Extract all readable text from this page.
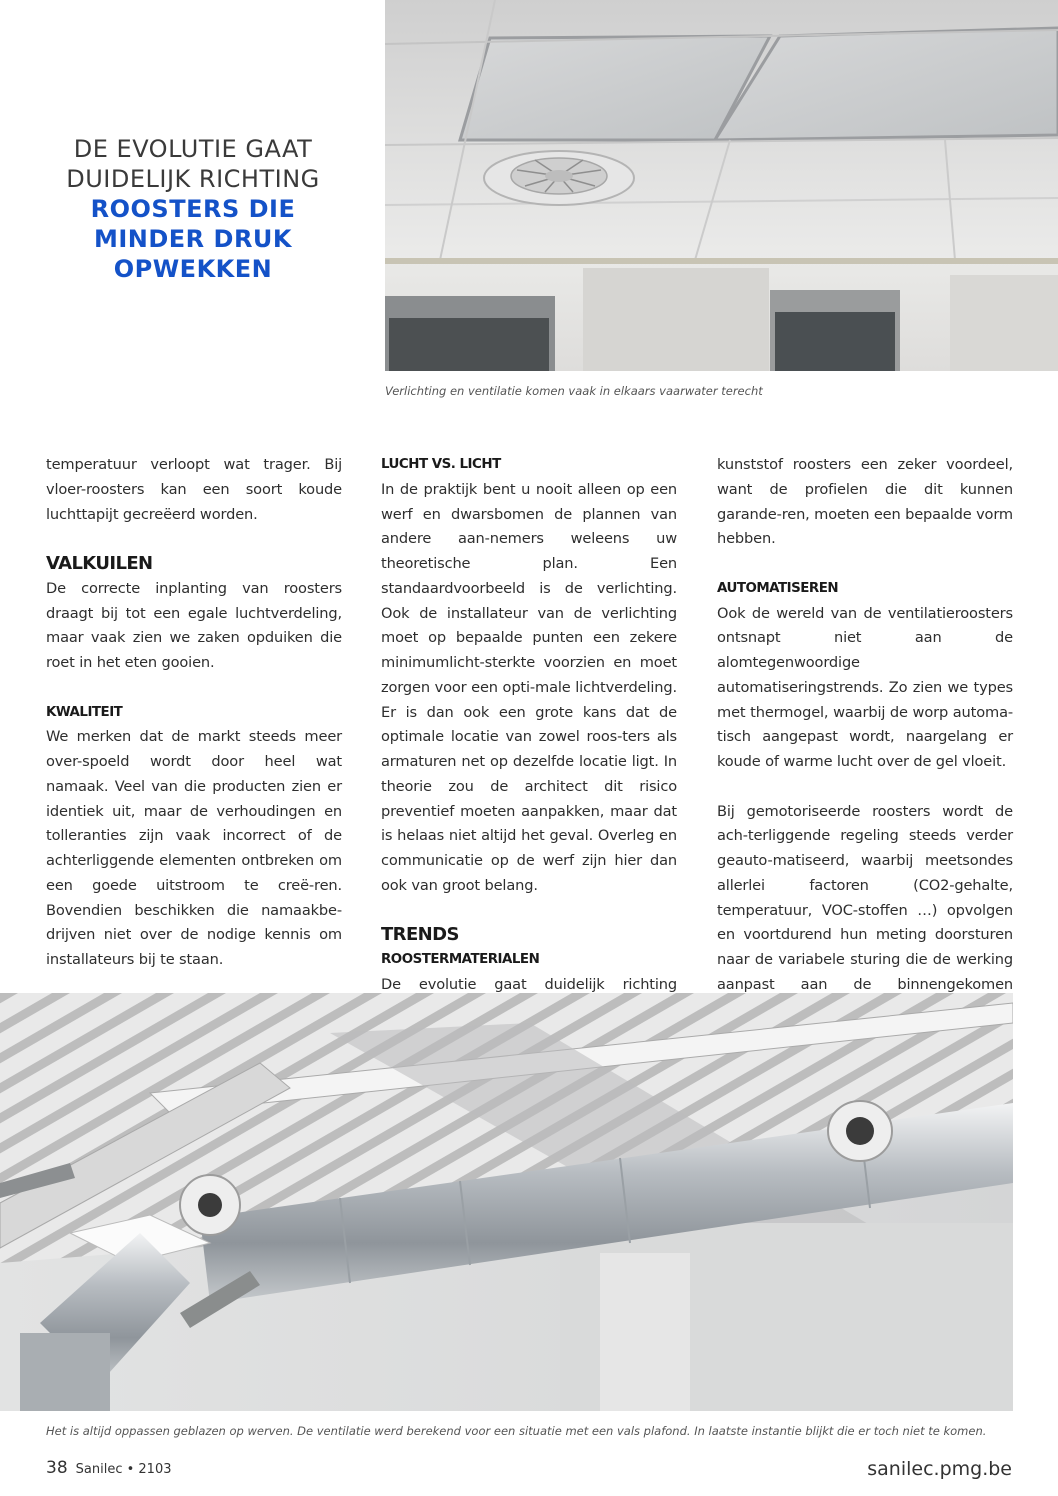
DE EVOLUTIE GAAT
DUIDELIJK RICHTING
ROOSTERS DIE
MINDER DRUK
OPWEKKEN
Verlichting en ventilatie komen vaak in elkaars vaarwater terecht

temperatuur verloopt wat trager. Bij vloer-roosters kan een soort koude luchttapijt gecreëerd worden.

VALKUILEN

De correcte inplanting van roosters draagt bij tot een egale luchtverdeling, maar vaak zien we zaken opduiken die roet in het eten gooien.

KWALITEIT

We merken dat de markt steeds meer over-spoeld wordt door heel wat namaak. Veel van die producten zien er identiek uit, maar de verhoudingen en tolleranties zijn vaak incorrect of de achterliggende elementen ontbreken om een goede uitstroom te creë-ren. Bovendien beschikken die namaakbe-drijven niet over de nodige kennis om installateurs bij te staan.

LUCHT VS. LICHT

In de praktijk bent u nooit alleen op een werf en dwarsbomen de plannen van andere aan-nemers weleens uw theoretische plan. Een standaardvoorbeeld is de verlichting. Ook de installateur van de verlichting moet op bepaalde punten een zekere minimumlicht-sterkte voorzien en moet zorgen voor een opti-male lichtverdeling. Er is dan ook een grote kans dat de optimale locatie van zowel roos-ters als armaturen net op dezelfde locatie ligt. In theorie zou de architect dit risico preventief moeten aanpakken, maar dat is helaas niet altijd het geval. Overleg en communicatie op de werf zijn hier dan ook van groot belang.

TRENDS
ROOSTERMATERIALEN

De evolutie gaat duidelijk richting

kunststof roosters een zeker voordeel, want de profielen die dit kunnen garande-ren, moeten een bepaalde vorm hebben.

AUTOMATISEREN

Ook de wereld van de ventilatieroosters ontsnapt niet aan de alomtegenwoordige automatiseringstrends. Zo zien we types met thermogel, waarbij de worp automa-tisch aangepast wordt, naargelang er koude of warme lucht over de gel vloeit.

Bij gemotoriseerde roosters wordt de ach-terliggende regeling steeds verder geauto-matiseerd, waarbij meetsondes allerlei factoren (CO2-gehalte, temperatuur, VOC-stoffen …) opvolgen en voortdurend hun meting doorsturen naar de variabele sturing die de werking aanpast aan de binnengekomen

Het is altijd oppassen geblazen op werven. De ventilatie werd berekend voor een situatie met een vals plafond. In laatste instantie blijkt die er toch niet te komen.
38 Sanilec • 2103	sanilec.pmg.be
